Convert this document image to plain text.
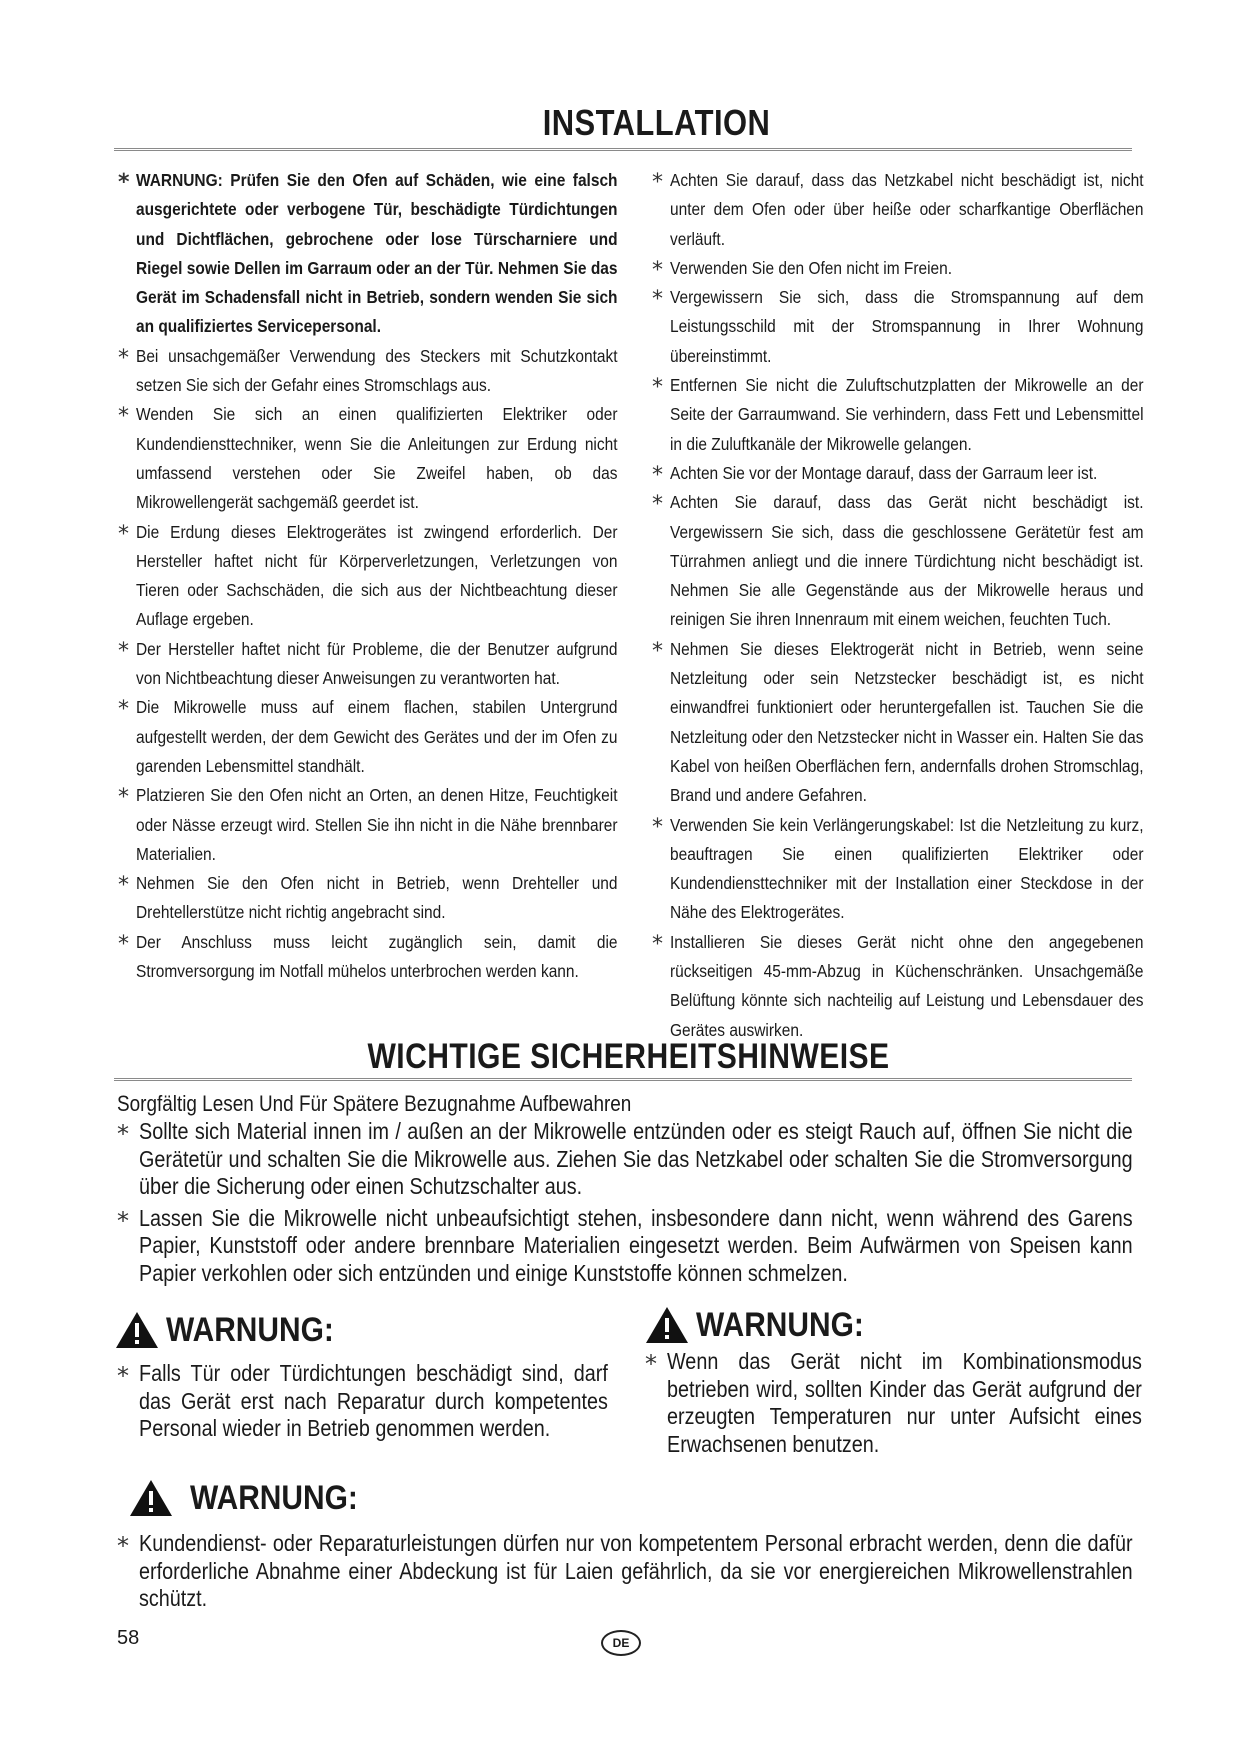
INSTALLATION

* WARNUNG: Prüfen Sie den Ofen auf Schäden, wie eine falsch ausgerichtete oder verbogene Tür, beschädigte Türdichtungen und Dichtflächen, gebrochene oder lose Türscharniere und Riegel sowie Dellen im Garraum oder an der Tür. Nehmen Sie das Gerät im Schadensfall nicht in Betrieb, sondern wenden Sie sich an qualifiziertes Servicepersonal.

* Bei unsachgemäßer Verwendung des Steckers mit Schutzkontakt setzen Sie sich der Gefahr eines Stromschlags aus.

* Wenden Sie sich an einen qualifizierten Elektriker oder Kundendiensttechniker, wenn Sie die Anleitungen zur Erdung nicht umfassend verstehen oder Sie Zweifel haben, ob das Mikrowellengerät sachgemäß geerdet ist.

* Die Erdung dieses Elektrogerätes ist zwingend erforderlich. Der Hersteller haftet nicht für Körperverletzungen, Verletzungen von Tieren oder Sachschäden, die sich aus der Nichtbeachtung dieser Auflage ergeben.

* Der Hersteller haftet nicht für Probleme, die der Benutzer aufgrund von Nichtbeachtung dieser Anweisungen zu verantworten hat.

* Die Mikrowelle muss auf einem flachen, stabilen Untergrund aufgestellt werden, der dem Gewicht des Gerätes und der im Ofen zu garenden Lebensmittel standhält.

* Platzieren Sie den Ofen nicht an Orten, an denen Hitze, Feuchtigkeit oder Nässe erzeugt wird. Stellen Sie ihn nicht in die Nähe brennbarer Materialien.

* Nehmen Sie den Ofen nicht in Betrieb, wenn Drehteller und Drehtellerstütze nicht richtig angebracht sind.

* Der Anschluss muss leicht zugänglich sein, damit die Stromversorgung im Notfall mühelos unterbrochen werden kann.

* Achten Sie darauf, dass das Netzkabel nicht beschädigt ist, nicht unter dem Ofen oder über heiße oder scharfkantige Oberflächen verläuft.

* Verwenden Sie den Ofen nicht im Freien.

* Vergewissern Sie sich, dass die Stromspannung auf dem Leistungsschild mit der Stromspannung in Ihrer Wohnung übereinstimmt.

* Entfernen Sie nicht die Zuluftschutzplatten der Mikrowelle an der Seite der Garraumwand. Sie verhindern, dass Fett und Lebensmittel in die Zuluftkanäle der Mikrowelle gelangen.

* Achten Sie vor der Montage darauf, dass der Garraum leer ist.

* Achten Sie darauf, dass das Gerät nicht beschädigt ist. Vergewissern Sie sich, dass die geschlossene Gerätetür fest am Türrahmen anliegt und die innere Türdichtung nicht beschädigt ist. Nehmen Sie alle Gegenstände aus der Mikrowelle heraus und reinigen Sie ihren Innenraum mit einem weichen, feuchten Tuch.

* Nehmen Sie dieses Elektrogerät nicht in Betrieb, wenn seine Netzleitung oder sein Netzstecker beschädigt ist, es nicht einwandfrei funktioniert oder heruntergefallen ist. Tauchen Sie die Netzleitung oder den Netzstecker nicht in Wasser ein. Halten Sie das Kabel von heißen Oberflächen fern, andernfalls drohen Stromschlag, Brand und andere Gefahren.

* Verwenden Sie kein Verlängerungskabel: Ist die Netzleitung zu kurz, beauftragen Sie einen qualifizierten Elektriker oder Kundendiensttechniker mit der Installation einer Steckdose in der Nähe des Elektrogerätes.

* Installieren Sie dieses Gerät nicht ohne den angegebenen rückseitigen 45-mm-Abzug in Küchenschränken. Unsachgemäße Belüftung könnte sich nachteilig auf Leistung und Lebensdauer des Gerätes auswirken.

WICHTIGE SICHERHEITSHINWEISE
Sorgfältig Lesen Und Für Spätere Bezugnahme Aufbewahren

* Sollte sich Material innen im / außen an der Mikrowelle entzünden oder es steigt Rauch auf, öffnen Sie nicht die Gerätetür und schalten Sie die Mikrowelle aus. Ziehen Sie das Netzkabel oder schalten Sie die Stromversorgung über die Sicherung oder einen Schutzschalter aus.

* Lassen Sie die Mikrowelle nicht unbeaufsichtigt stehen, insbesondere dann nicht, wenn während des Garens Papier, Kunststoff oder andere brennbare Materialien eingesetzt werden. Beim Aufwärmen von Speisen kann Papier verkohlen oder sich entzünden und einige Kunststoffe können schmelzen.

WARNUNG:

* Falls Tür oder Türdichtungen beschädigt sind, darf das Gerät erst nach Reparatur durch kompetentes Personal wieder in Betrieb genommen werden.

WARNUNG:

* Wenn das Gerät nicht im Kombinationsmodus betrieben wird, sollten Kinder das Gerät aufgrund der erzeugten Temperaturen nur unter Aufsicht eines Erwachsenen benutzen.

WARNUNG:

* Kundendienst- oder Reparaturleistungen dürfen nur von kompetentem Personal erbracht werden, denn die dafür erforderliche Abnahme einer Abdeckung ist für Laien gefährlich, da sie vor energiereichen Mikrowellenstrahlen schützt.

58	DE
